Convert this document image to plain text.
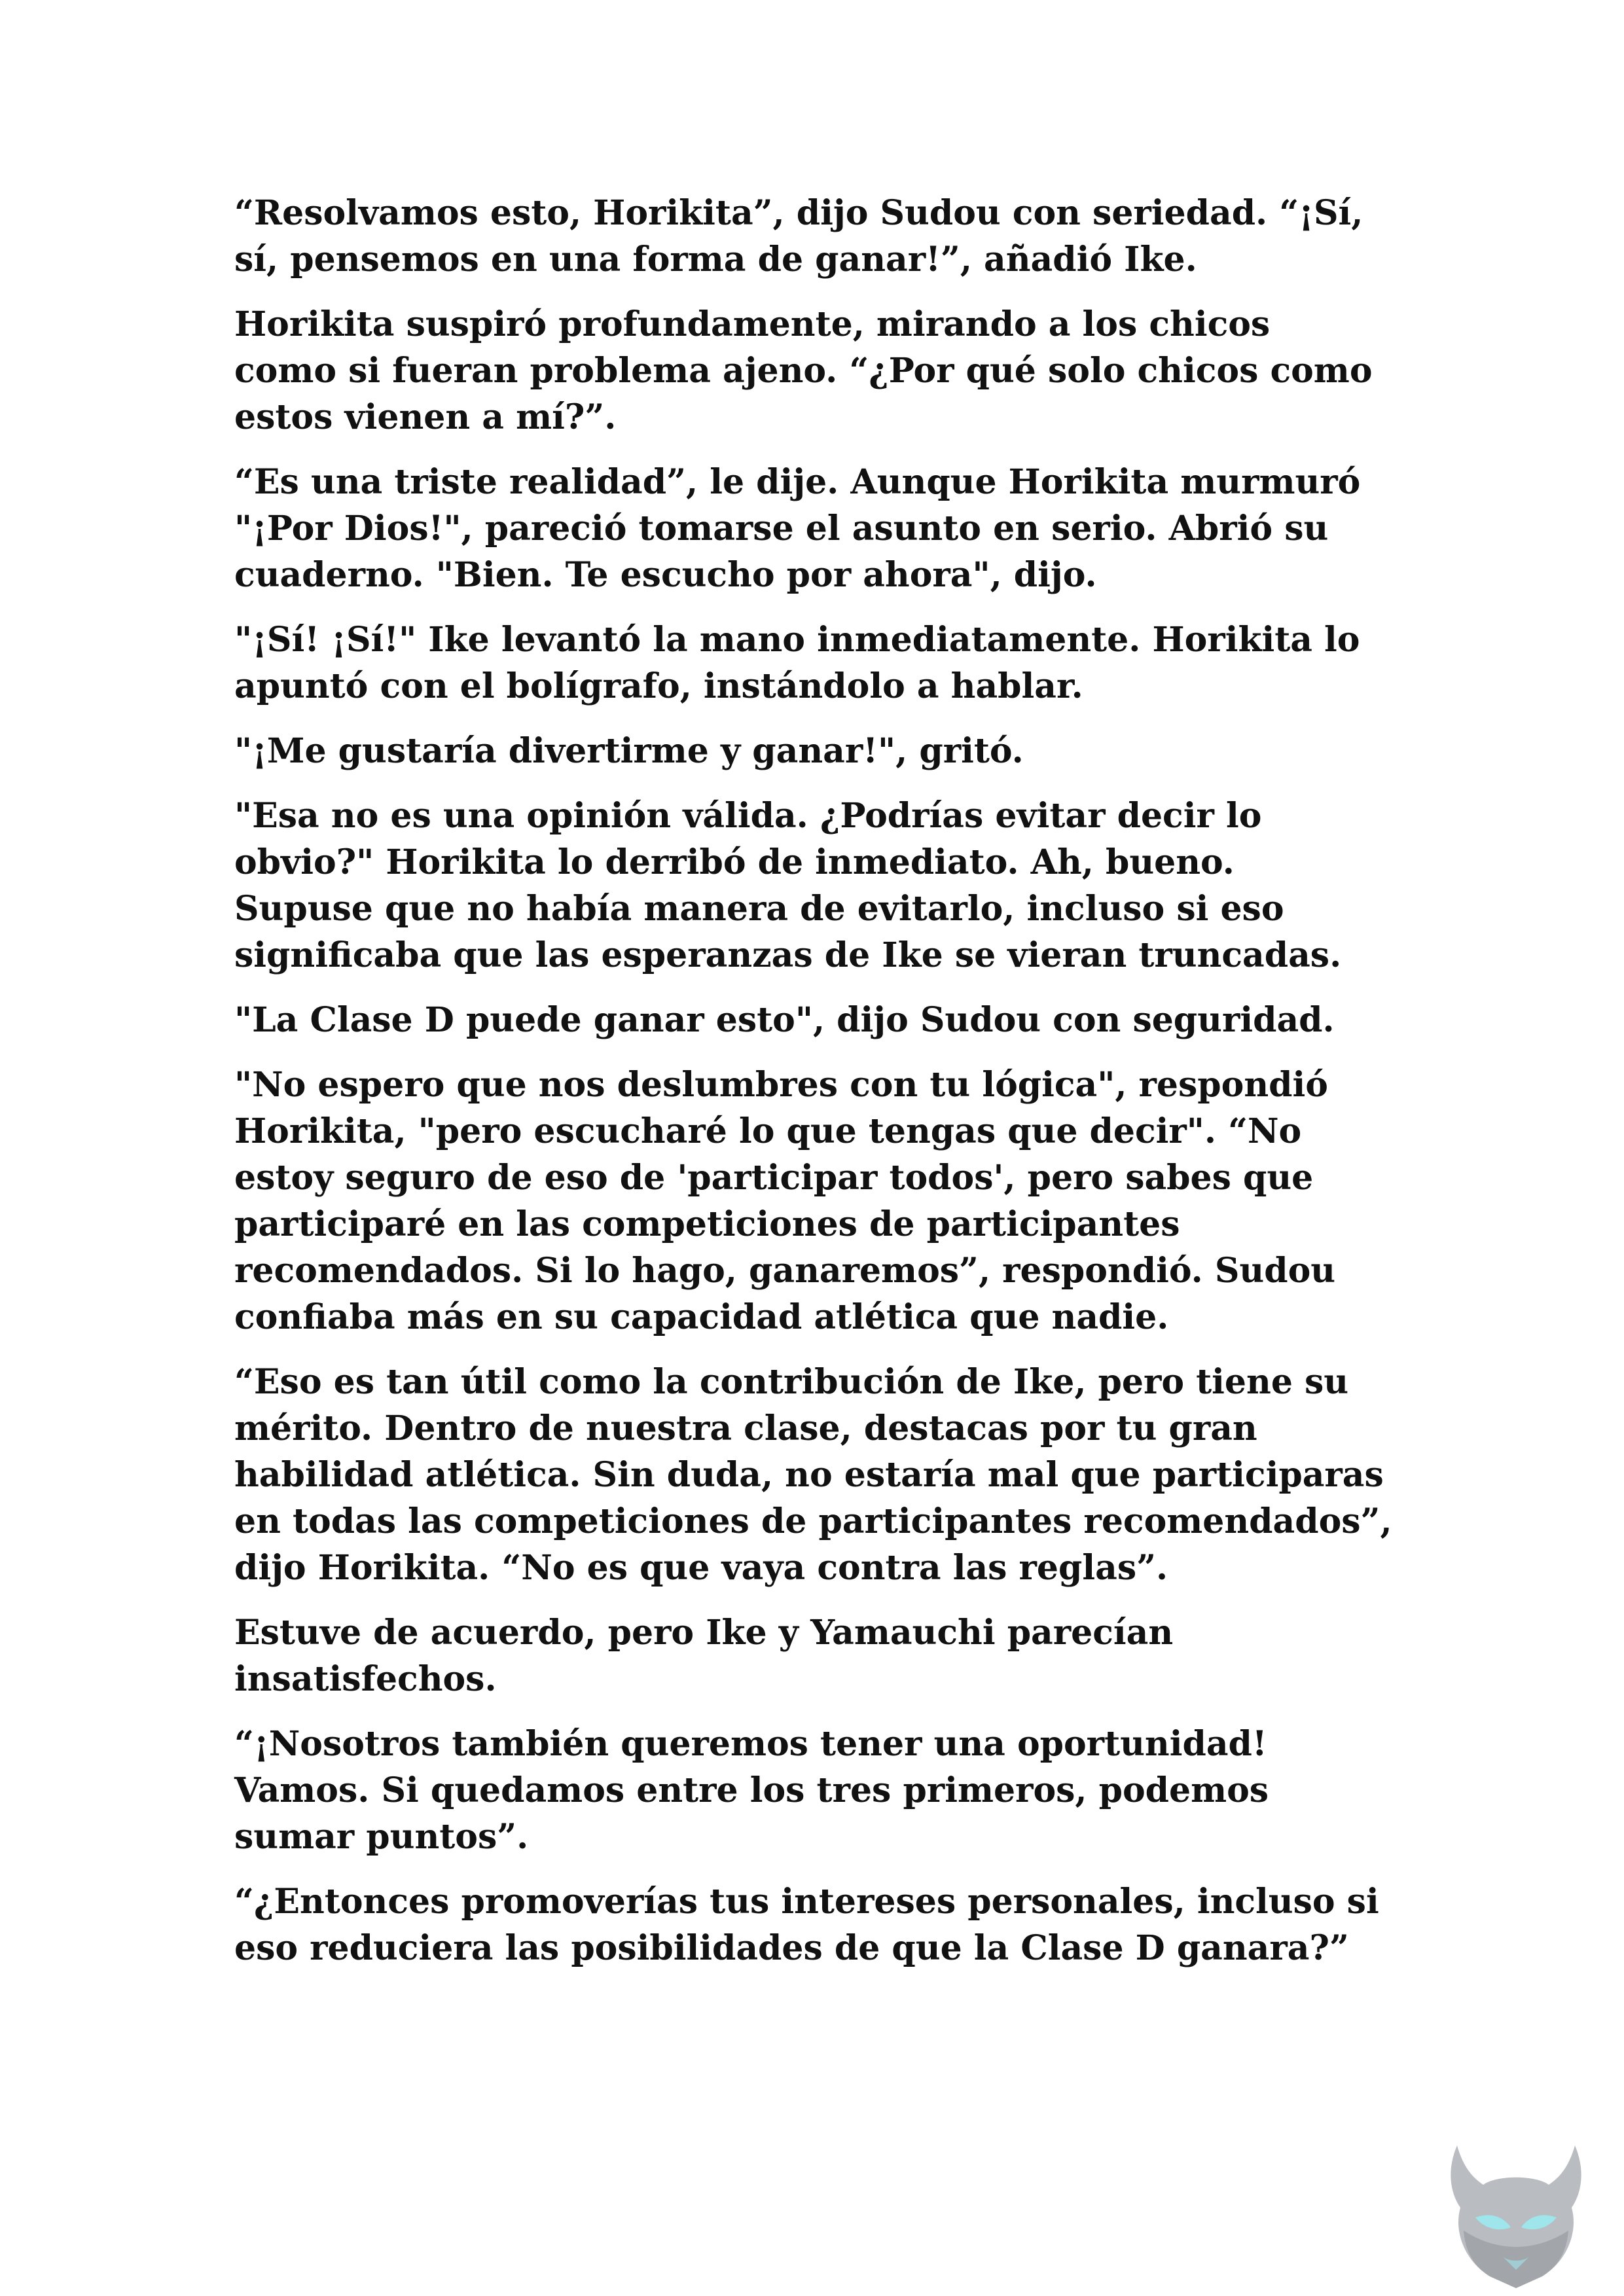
“Resolvamos esto, Horikita”, dijo Sudou con seriedad. “¡Sí,
sí, pensemos en una forma de ganar!”, añadió Ike.

Horikita suspiró profundamente, mirando a los chicos
como si fueran problema ajeno. “¿Por qué solo chicos como
estos vienen a mí?”.

“Es una triste realidad”, le dije. Aunque Horikita murmuró
"¡Por Dios!", pareció tomarse el asunto en serio. Abrió su
cuaderno. "Bien. Te escucho por ahora", dijo.

"¡Sí! ¡Sí!" Ike levantó la mano inmediatamente. Horikita lo
apuntó con el bolígrafo, instándolo a hablar.

"¡Me gustaría divertirme y ganar!", gritó.

"Esa no es una opinión válida. ¿Podrías evitar decir lo
obvio?" Horikita lo derribó de inmediato. Ah, bueno.
Supuse que no había manera de evitarlo, incluso si eso
significaba que las esperanzas de Ike se vieran truncadas.

"La Clase D puede ganar esto", dijo Sudou con seguridad.

"No espero que nos deslumbres con tu lógica", respondió
Horikita, "pero escucharé lo que tengas que decir". “No
estoy seguro de eso de 'participar todos', pero sabes que
participaré en las competiciones de participantes
recomendados. Si lo hago, ganaremos”, respondió. Sudou
confiaba más en su capacidad atlética que nadie.

“Eso es tan útil como la contribución de Ike, pero tiene su
mérito. Dentro de nuestra clase, destacas por tu gran
habilidad atlética. Sin duda, no estaría mal que participaras
en todas las competiciones de participantes recomendados”,
dijo Horikita. “No es que vaya contra las reglas”.

Estuve de acuerdo, pero Ike y Yamauchi parecían
insatisfechos.

“¡Nosotros también queremos tener una oportunidad!
Vamos. Si quedamos entre los tres primeros, podemos
sumar puntos”.

“¿Entonces promoverías tus intereses personales, incluso si
eso reduciera las posibilidades de que la Clase D ganara?”
